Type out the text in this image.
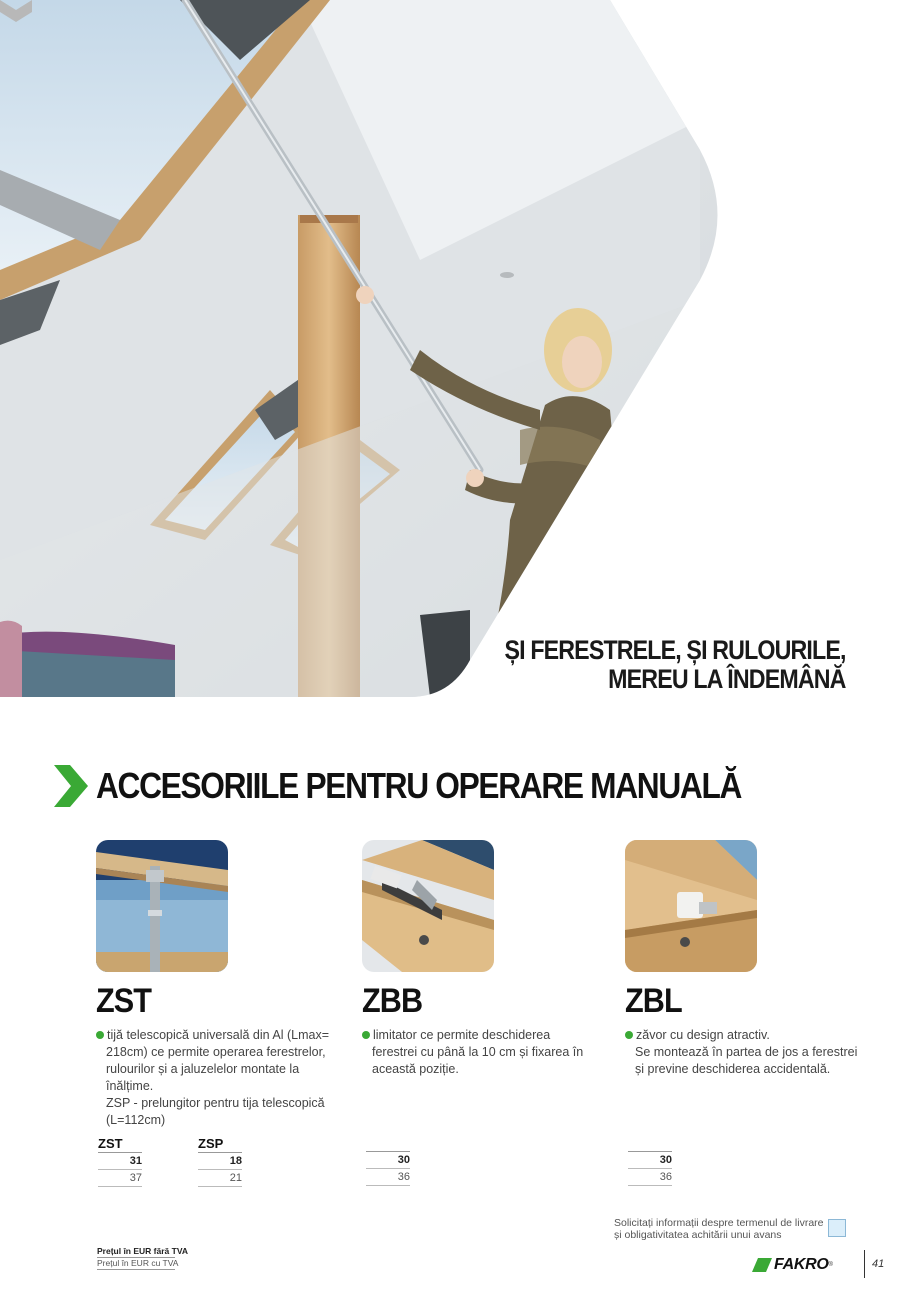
ȘI FERESTRELE, ȘI RULOURILE,
MEREU LA ÎNDEMÂNĂ
ACCESORIILE PENTRU OPERARE MANUALĂ
ZST
tijă telescopică universală din Al (Lmax=
218cm) ce permite operarea ferestrelor,
rulourilor și a jaluzelelor montate la
înălțime.
ZSP - prelungitor pentru tija telescopică
(L=112cm)
ZST
31
37
ZSP
18
21
ZBB
limitator ce permite deschiderea
ferestrei cu până la 10 cm și fixarea în
această poziție.
30
36
ZBL
zăvor cu design atractiv.
Se montează în partea de jos a ferestrei
și previne deschiderea accidentală.
30
36
Prețul în EUR fără TVA
Prețul în EUR cu TVA
Solicitați informații despre termenul de livrare
și obligativitatea achitării unui avans
FAKRO ®	41
